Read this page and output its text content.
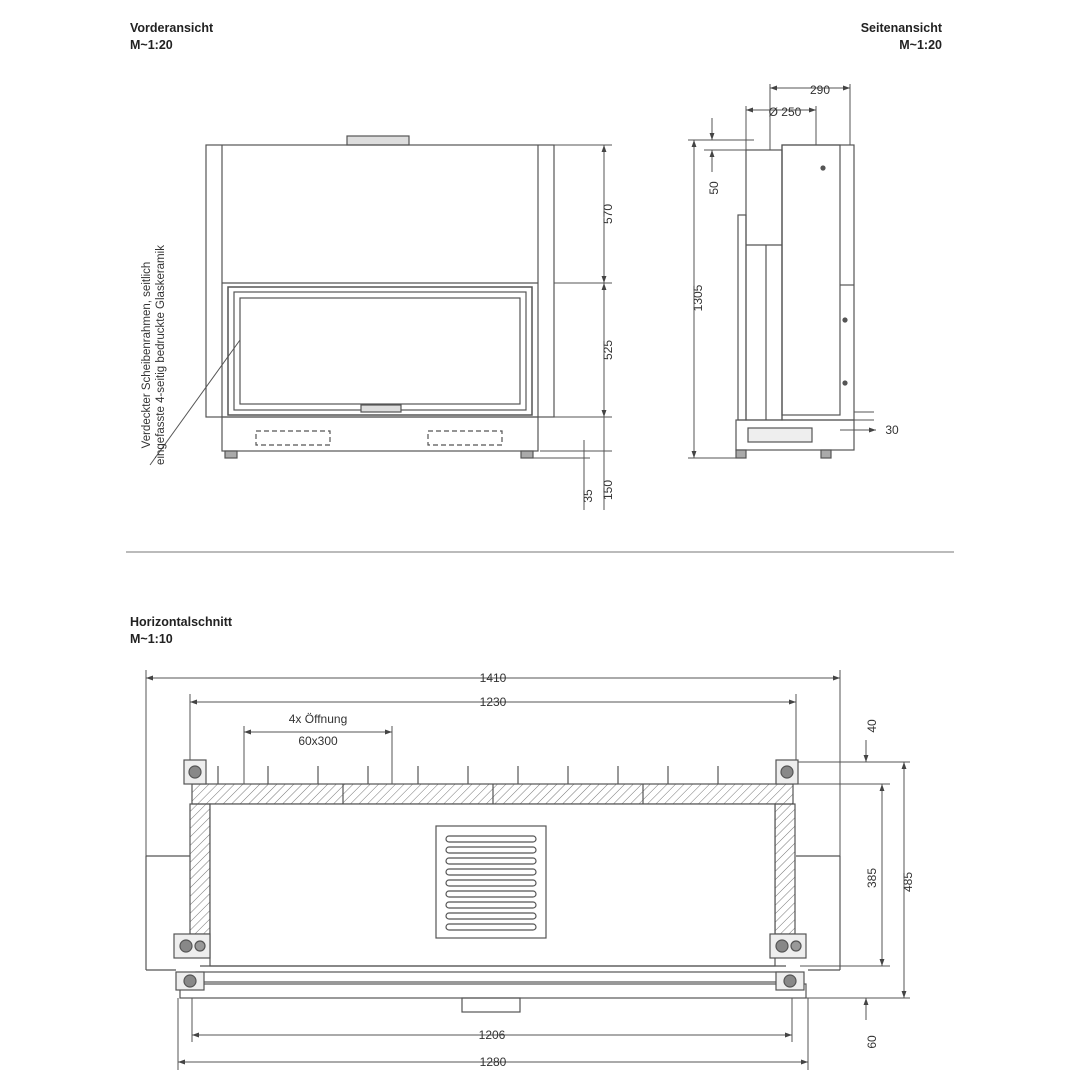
Vorderansicht
M~1:20
Seitenansicht
M~1:20
Horizontalschnitt
M~1:10
570
525
150
35
Verdeckter Scheibenrahmen, seitlich eingefasste 4-seitig bedruckte Glaskeramik
290
Ø 250
50
1305
30
1410
1230
4x Öffnung
60x300
1206
1280
40
385 485
60
